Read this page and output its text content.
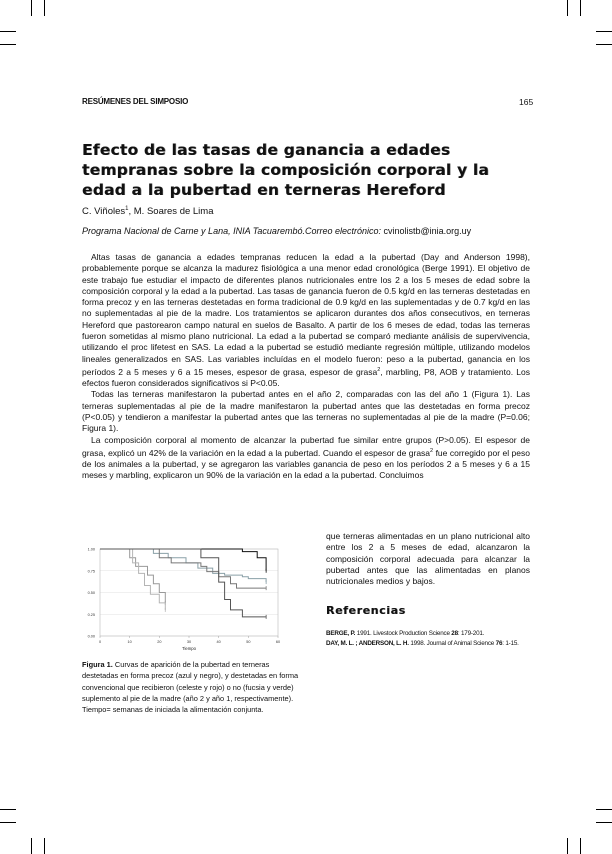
RESÚMENES DEL SIMPOSIO	165
Efecto de las tasas de ganancia a edades tempranas sobre la composición corporal y la edad a la pubertad en terneras Hereford
C. Viñoles$^1$, M. Soares de Lima
Programa Nacional de Carne y Lana, INIA Tacuarembó.Correo electrónico: cvinolistb@inia.org.uy

Altas tasas de ganancia a edades tempranas reducen la edad a la pubertad (Day and Anderson 1998), probablemente porque se alcanza la madurez fisiológica a una menor edad cronológica (Berge 1991). El objetivo de este trabajo fue estudiar el impacto de diferentes planos nutricionales entre los 2 a los 5 meses de edad sobre la composición corporal y la edad a la pubertad. Las tasas de ganancia fueron de 0.5 kg/d en las terneras destetadas en forma precoz y en las terneras destetadas en forma tradicional de 0.9 kg/d en las suplementadas y de 0.7 kg/d en las no suplementadas al pie de la madre. Los tratamientos se aplicaron durantes dos años consecutivos, en terneras Hereford que pastorearon campo natural en suelos de Basalto. A partir de los 6 meses de edad, todas las terneras fueron sometidas al mismo plano nutricional. La edad a la pubertad se comparó mediante análisis de supervivencia, utilizando el proc lifetest en SAS. La edad a la pubertad se estudió mediante regresión múltiple, utilizando modelos lineales generalizados en SAS. Las variables incluídas en el modelo fueron: peso a la pubertad, ganancia en los períodos 2 a 5 meses y 6 a 15 meses, espesor de grasa, espesor de grasa$^2$, marbling, P8, AOB y tratamiento. Los efectos fueron considerados significativos si P<0.05.

Todas las terneras manifestaron la pubertad antes en el año 2, comparadas con las del año 1 (Figura 1). Las terneras suplementadas al pie de la madre manifestaron la pubertad antes que las destetadas en forma precoz (P<0.05) y tendieron a manifestar la pubertad antes que las terneras no suplementadas al pie de la madre (P=0.06; Figura 1).

La composición corporal al momento de alcanzar la pubertad fue similar entre grupos (P>0.05). El espesor de grasa, explicó un 42% de la variación en la edad a la pubertad. Cuando el espesor de grasa$^2$ fue corregido por el peso de los animales a la pubertad, y se agregaron las variables ganancia de peso en los períodos 2 a 5 meses y 6 a 15 meses y marbling, explicaron un 90% de la variación en la edad a la pubertad. Concluimos

que terneras alimentadas en un plano nutricional alto entre los 2 a 5 meses de edad, alcanzaron la composición corporal adecuada para alcanzar la pubertad antes que las alimentadas en planos nutricionales medios y bajos.
Referencias
BERGE, P. 1991. Livestock Production Science 28: 179-201.
DAY, M. L. ; ANDERSON, L. H. 1998. Journal of Animal Science 76: 1-15.
0.00
0.25
0.50
0.75
1.00
0	10	20	30	40	50	60
Tiempo
Figura 1. Curvas de aparición de la pubertad en terneras destetadas en forma precoz (azul y negro), y destetadas en forma convencional que recibieron (celeste y rojo) o no (fucsia y verde) suplemento al pie de la madre (año 2 y año 1, respectivamente). Tiempo= semanas de iniciada la alimentación conjunta.
